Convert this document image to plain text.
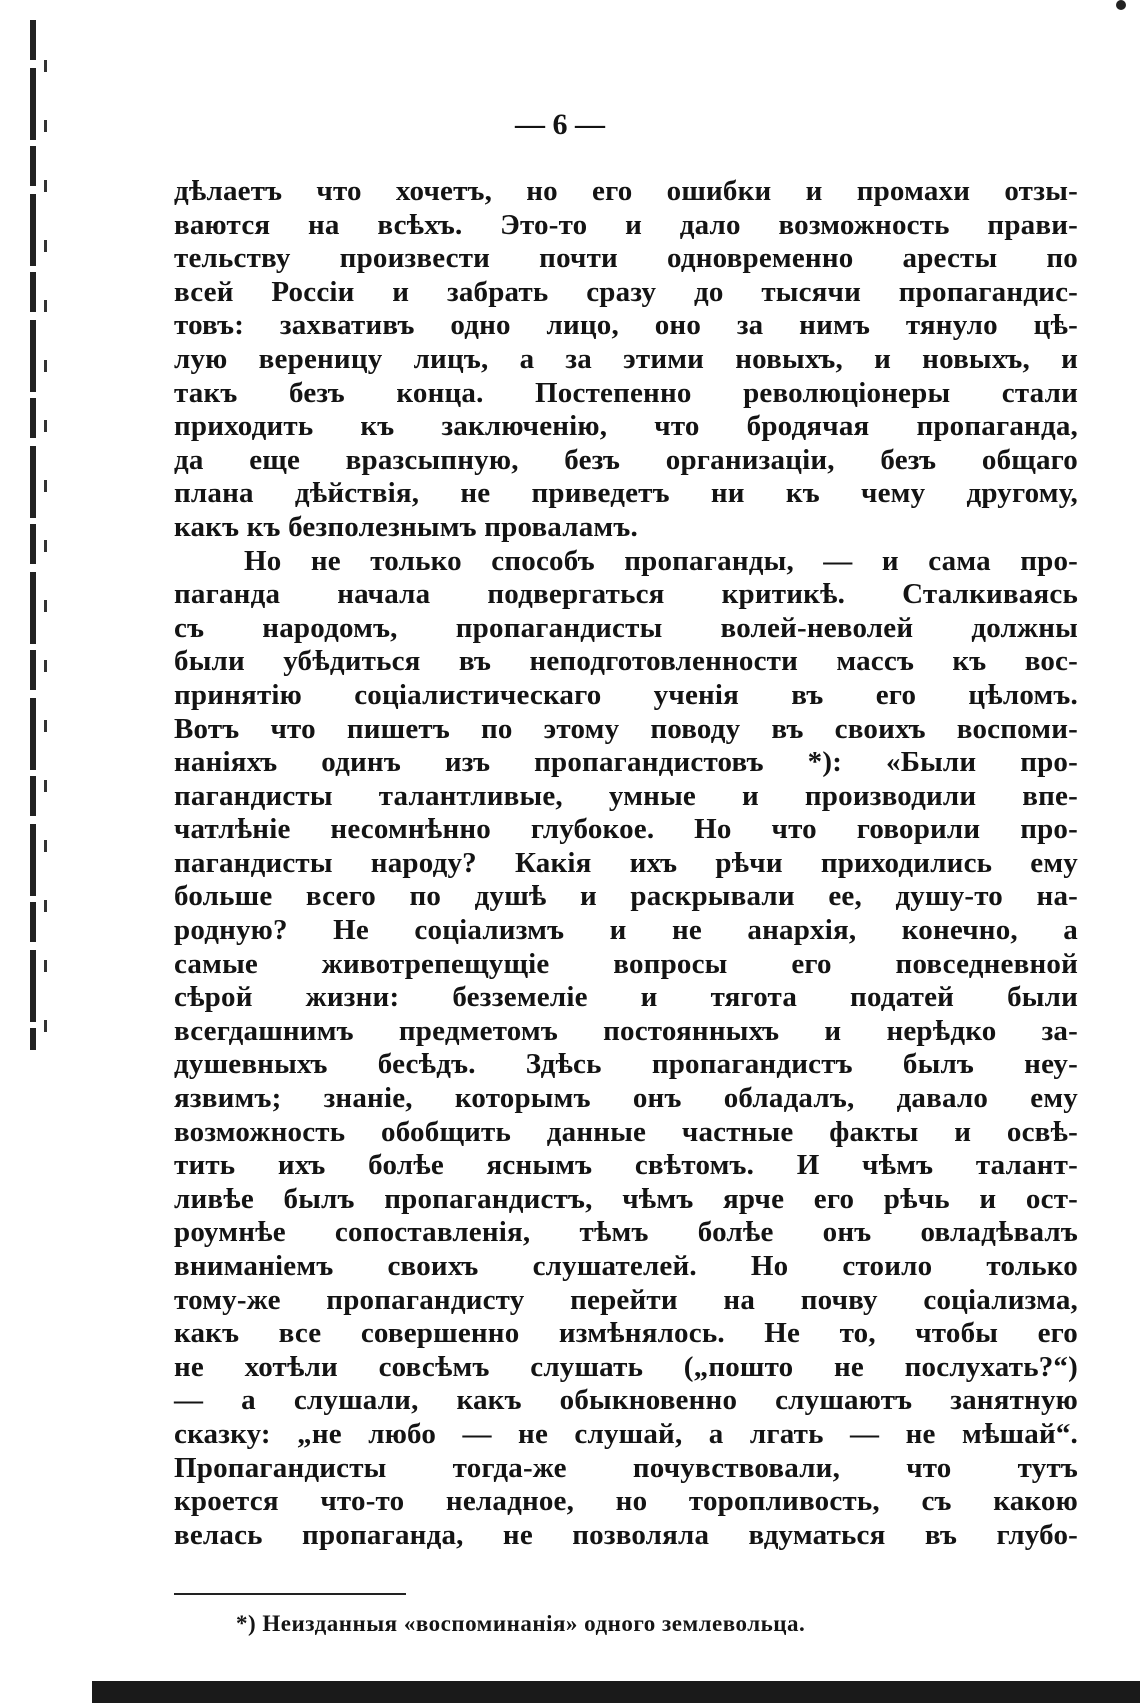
— 6 —
дѣлаетъ что хочетъ, но его ошибки и промахи отзы-
ваются на всѣхъ. Это-то и дало возможность прави-
тельству произвести почти одновременно аресты по
всей Россiи и забрать сразу до тысячи пропагандис-
товъ: захвативъ одно лицо, оно за нимъ тянуло цѣ-
лую вереницу лицъ, а за этими новыхъ, и новыхъ, и
такъ безъ конца. Постепенно революцiонеры стали
приходить къ заключенiю, что бродячая пропаганда,
да еще вразсыпную, безъ организацiи, безъ общаго
плана дѣйствiя, не приведетъ ни къ чему другому,
какъ къ безполезнымъ проваламъ.
Но не только способъ пропаганды, — и сама про-
паганда начала подвергаться критикѣ. Сталкиваясь
съ народомъ, пропагандисты волей-неволей должны
были убѣдиться въ неподготовленности массъ къ вос-
принятiю соцiалистическаго ученiя въ его цѣломъ.
Вотъ что пишетъ по этому поводу въ своихъ воспоми-
нанiяхъ одинъ изъ пропагандистовъ *): «Были про-
пагандисты талантливые, умные и производили впе-
чатлѣнiе несомнѣнно глубокое. Но что говорили про-
пагандисты народу? Какiя ихъ рѣчи приходились ему
больше всего по душѣ и раскрывали ее, душу-то на-
родную? Не соцiализмъ и не анархiя, конечно, а
самые животрепещущiе вопросы его повседневной
сѣрой жизни: безземелiе и тягота податей были
всегдашнимъ предметомъ постоянныхъ и нерѣдко за-
душевныхъ бесѣдъ. Здѣсь пропагандистъ былъ неу-
язвимъ; знанiе, которымъ онъ обладалъ, давало ему
возможность обобщить данные частные факты и освѣ-
тить ихъ болѣе яснымъ свѣтомъ. И чѣмъ талант-
ливѣе былъ пропагандистъ, чѣмъ ярче его рѣчь и ост-
роумнѣе сопоставленiя, тѣмъ болѣе онъ овладѣвалъ
вниманiемъ своихъ слушателей. Но стоило только
тому-же пропагандисту перейти на почву соцiализма,
какъ все совершенно измѣнялось. Не то, чтобы его
не хотѣли совсѣмъ слушать („пошто не послухать?“)
— а слушали, какъ обыкновенно слушаютъ занятную
сказку: „не любо — не слушай, а лгать — не мѣшай“.
Пропагандисты тогда-же почувствовали, что тутъ
кроется что-то неладное, но торопливость, съ какою
велась пропаганда, не позволяла вдуматься въ глубо-
*) Неизданныя «воспоминанiя» одного землевольца.
